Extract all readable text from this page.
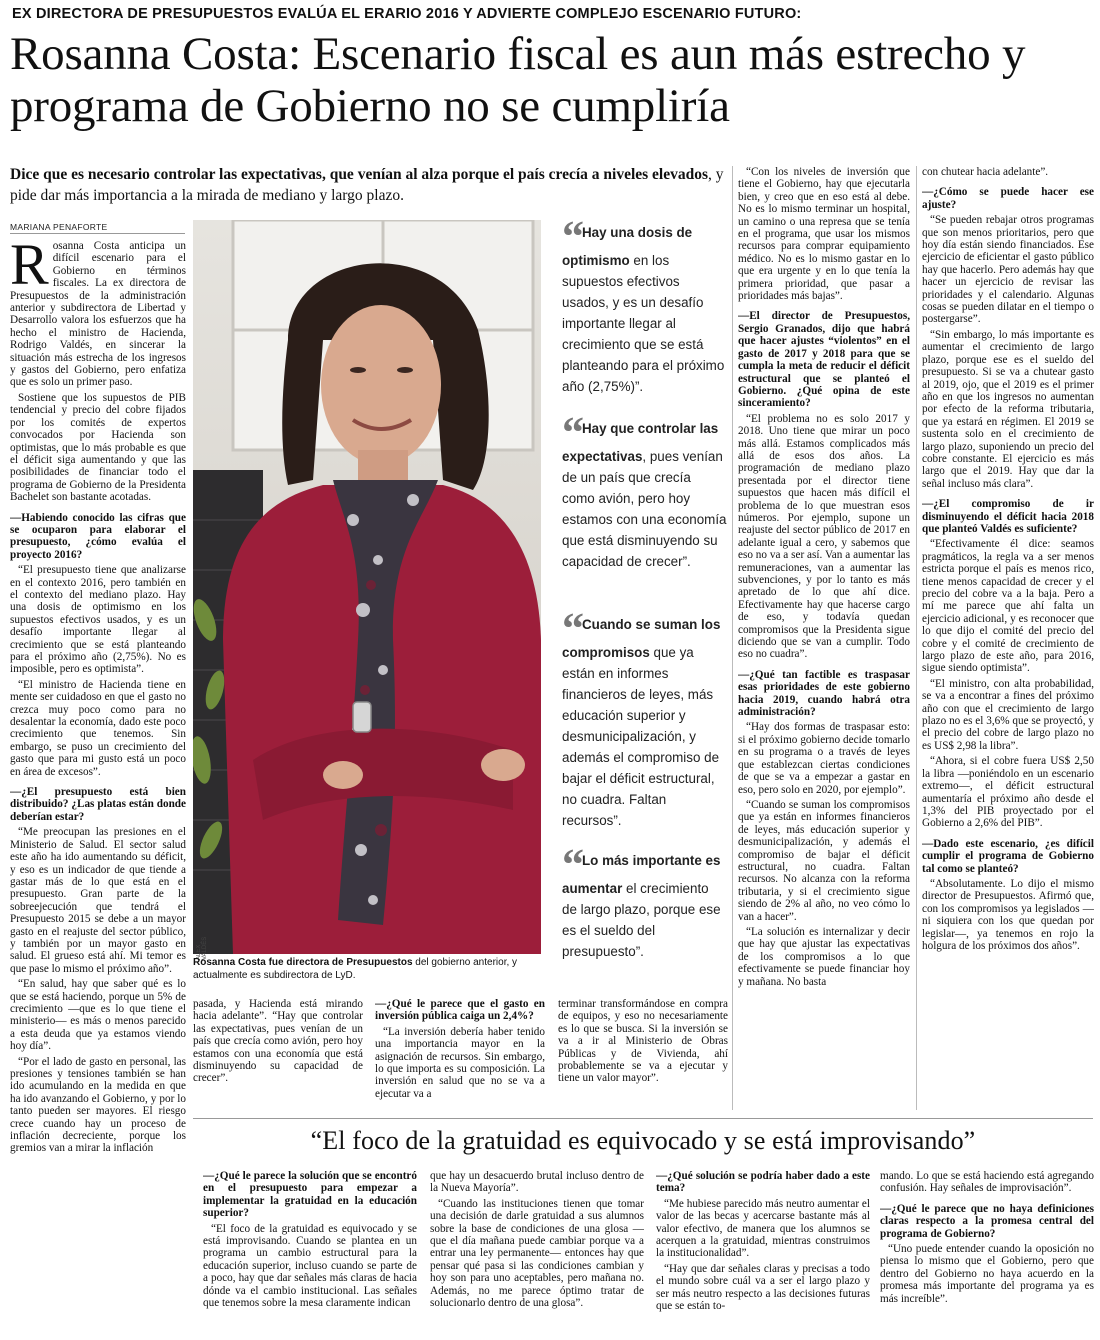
EX DIRECTORA DE PRESUPUESTOS EVALÚA EL ERARIO 2016 Y ADVIERTE COMPLEJO ESCENARIO FUTURO:
Rosanna Costa: Escenario fiscal es aun más estrecho y programa de Gobierno no se cumpliría
Dice que es necesario controlar las expectativas, que venían al alza porque el país crecía a niveles elevados, y pide dar más importancia a la mirada de mediano y largo plazo.
MARIANA PENAFORTE
R osanna Costa anticipa un difícil escenario para el Gobierno en términos fiscales. La ex directora de Presupuestos de la administración anterior y subdirectora de Libertad y Desarrollo valora los esfuerzos que ha hecho el ministro de Hacienda, Rodrigo Valdés, en sincerar la situación más estrecha de los ingresos y gastos del Gobierno, pero enfatiza que es solo un primer paso.

Sostiene que los supuestos de PIB tendencial y precio del cobre fijados por los comités de expertos convocados por Hacienda son optimistas, que lo más probable es que el déficit siga aumentando y que las posibilidades de financiar todo el programa de Gobierno de la Presidenta Bachelet son bastante acotadas.

—Habiendo conocido las cifras que se ocuparon para elaborar el presupuesto, ¿cómo evalúa el proyecto 2016?

“El presupuesto tiene que analizarse en el contexto 2016, pero también en el contexto del mediano plazo. Hay una dosis de optimismo en los supuestos efectivos usados, y es un desafío importante llegar al crecimiento que se está planteando para el próximo año (2,75%). No es imposible, pero es optimista”.

“El ministro de Hacienda tiene en mente ser cuidadoso en que el gasto no crezca muy poco como para no desalentar la economía, dado este poco crecimiento que tenemos. Sin embargo, se puso un crecimiento del gasto que para mi gusto está un poco en área de excesos”.

—¿El presupuesto está bien distribuido? ¿Las platas están donde deberían estar?

“Me preocupan las presiones en el Ministerio de Salud. El sector salud este año ha ido aumentando su déficit, y eso es un indicador de que tiende a gastar más de lo que está en el presupuesto. Gran parte de la sobreejecución que tendrá el Presupuesto 2015 se debe a un mayor gasto en el reajuste del sector público, y también por un mayor gasto en salud. El grueso está ahí. Mi temor es que pase lo mismo el próximo año”.

“En salud, hay que saber qué es lo que se está haciendo, porque un 5% de crecimiento —que es lo que tiene el ministerio— es más o menos parecido a esta deuda que ya estamos viendo hoy día”.

“Por el lado de gasto en personal, las presiones y tensiones también se han ido acumulando en la medida en que ha ido avanzando el Gobierno, y por lo tanto pueden ser mayores. El riesgo crece cuando hay un proceso de inflación decreciente, porque los gremios van a mirar la inflación

ALEX VALDÉS
Rosanna Costa fue directora de Presupuestos del gobierno anterior, y actualmente es subdirectora de LyD.

pasada, y Hacienda está mirando hacia adelante”. “Hay que controlar las expectativas, pues venían de un país que crecía como avión, pero hoy estamos con una economía que está disminuyendo su capacidad de crecer”.

—¿Qué le parece que el gasto en inversión pública caiga un 2,4%?

“La inversión debería haber tenido una importancia mayor en la asignación de recursos. Sin embargo, lo que importa es su composición. La inversión en salud que no se va a ejecutar va a

terminar transformándose en compra de equipos, y eso no necesariamente es lo que se busca. Si la inversión se va a ir al Ministerio de Obras Públicas y de Vivienda, ahí probablemente se va a ejecutar y tiene un valor mayor”.

“ Hay una dosis de optimismo en los supuestos efectivos usados, y es un desafío importante llegar al crecimiento que se está planteando para el próximo año (2,75%)”.
“ Hay que controlar las expectativas, pues venían de un país que crecía como avión, pero hoy estamos con una economía que está disminuyendo su capacidad de crecer”.
“ Cuando se suman los compromisos que ya están en informes financieros de leyes, más educación superior y desmunicipalización, y además el compromiso de bajar el déficit estructural, no cuadra. Faltan recursos”.
“ Lo más importante es aumentar el crecimiento de largo plazo, porque ese es el sueldo del presupuesto”.

“Con los niveles de inversión que tiene el Gobierno, hay que ejecutarla bien, y creo que en eso está al debe. No es lo mismo terminar un hospital, un camino o una represa que se tenía en el programa, que usar los mismos recursos para comprar equipamiento médico. No es lo mismo gastar en lo que era urgente y en lo que tenía la primera prioridad, que pasar a prioridades más bajas”.

—El director de Presupuestos, Sergio Granados, dijo que habrá que hacer ajustes “violentos” en el gasto de 2017 y 2018 para que se cumpla la meta de reducir el déficit estructural que se planteó el Gobierno. ¿Qué opina de este sinceramiento?

“El problema no es solo 2017 y 2018. Uno tiene que mirar un poco más allá. Estamos complicados más allá de esos dos años. La programación de mediano plazo presentada por el director tiene supuestos que hacen más difícil el problema de lo que muestran esos números. Por ejemplo, supone un reajuste del sector público de 2017 en adelante igual a cero, y sabemos que eso no va a ser así. Van a aumentar las remuneraciones, van a aumentar las subvenciones, y por lo tanto es más apretado de lo que ahí dice. Efectivamente hay que hacerse cargo de eso, y todavía quedan compromisos que la Presidenta sigue diciendo que se van a cumplir. Todo eso no cuadra”.

—¿Qué tan factible es traspasar esas prioridades de este gobierno hacia 2019, cuando habrá otra administración?

“Hay dos formas de traspasar esto: si el próximo gobierno decide tomarlo en su programa o a través de leyes que establezcan ciertas condiciones de que se va a empezar a gastar en eso, pero solo en 2020, por ejemplo”.

“Cuando se suman los compromisos que ya están en informes financieros de leyes, más educación superior y desmunicipalización, y además el compromiso de bajar el déficit estructural, no cuadra. Faltan recursos. No alcanza con la reforma tributaria, y si el crecimiento sigue siendo de 2% al año, no veo cómo lo van a hacer”.

“La solución es internalizar y decir que hay que ajustar las expectativas de los compromisos a lo que efectivamente se puede financiar hoy y mañana. No basta

con chutear hacia adelante”.

—¿Cómo se puede hacer ese ajuste?

“Se pueden rebajar otros programas que son menos prioritarios, pero que hoy día están siendo financiados. Ese ejercicio de eficientar el gasto público hay que hacerlo. Pero además hay que hacer un ejercicio de revisar las prioridades y el calendario. Algunas cosas se pueden dilatar en el tiempo o postergarse”.

“Sin embargo, lo más importante es aumentar el crecimiento de largo plazo, porque ese es el sueldo del presupuesto. Si se va a chutear gasto al 2019, ojo, que el 2019 es el primer año en que los ingresos no aumentan por efecto de la reforma tributaria, que ya estará en régimen. El 2019 se sustenta solo en el crecimiento de largo plazo, suponiendo un precio del cobre constante. El ejercicio es más largo que el 2019. Hay que dar la señal incluso más clara”.

—¿El compromiso de ir disminuyendo el déficit hacia 2018 que planteó Valdés es suficiente?

“Efectivamente él dice: seamos pragmáticos, la regla va a ser menos estricta porque el país es menos rico, tiene menos capacidad de crecer y el precio del cobre va a la baja. Pero a mí me parece que ahí falta un ejercicio adicional, y es reconocer que lo que dijo el comité del precio del cobre y el comité de crecimiento de largo plazo de este año, para 2016, sigue siendo optimista”.

“El ministro, con alta probabilidad, se va a encontrar a fines del próximo año con que el crecimiento de largo plazo no es el 3,6% que se proyectó, y el precio del cobre de largo plazo no es US$ 2,98 la libra”.

“Ahora, si el cobre fuera US$ 2,50 la libra —poniéndolo en un escenario extremo—, el déficit estructural aumentaría el próximo año desde el 1,3% del PIB proyectado por el Gobierno a 2,6% del PIB”.

—Dado este escenario, ¿es difícil cumplir el programa de Gobierno tal como se planteó?

“Absolutamente. Lo dijo el mismo director de Presupuestos. Afirmó que, con los compromisos ya legislados —ni siquiera con los que quedan por legislar—, ya tenemos en rojo la holgura de los próximos dos años”.

“El foco de la gratuidad es equivocado y se está improvisando”

—¿Qué le parece la solución que se encontró en el presupuesto para empezar a implementar la gratuidad en la educación superior?

“El foco de la gratuidad es equivocado y se está improvisando. Cuando se planteа en un programa un cambio estructural para la educación superior, incluso cuando se parte de a poco, hay que dar señales más claras de hacia dónde va el cambio institucional. Las señales que tenemos sobre la mesa claramente indican

que hay un desacuerdo brutal incluso dentro de la Nueva Mayoría”.

“Cuando las instituciones tienen que tomar una decisión de darle gratuidad a sus alumnos sobre la base de condiciones de una glosa —que el día mañana puede cambiar porque va a entrar una ley permanente— entonces hay que pensar qué pasa si las condiciones cambian y hoy son para uno aceptables, pero mañana no. Además, no me parece óptimo tratar de solucionarlo dentro de una glosa”.

—¿Qué solución se podría haber dado a este tema?

“Me hubiese parecido más neutro aumentar el valor de las becas y acercarse bastante más al valor efectivo, de manera que los alumnos se acerquen a la gratuidad, mientras construimos la institucionalidad”.

“Hay que dar señales claras y precisas a todo el mundo sobre cuál va a ser el largo plazo y ser más neutro respecto a las decisiones futuras que se están to-

mando. Lo que se está haciendo está agregando confusión. Hay señales de improvisación”.

—¿Qué le parece que no haya definiciones claras respecto a la promesa central del programa de Gobierno?

“Uno puede entender cuando la oposición no piensa lo mismo que el Gobierno, pero que dentro del Gobierno no haya acuerdo en la promesa más importante del programa ya es más increíble”.
